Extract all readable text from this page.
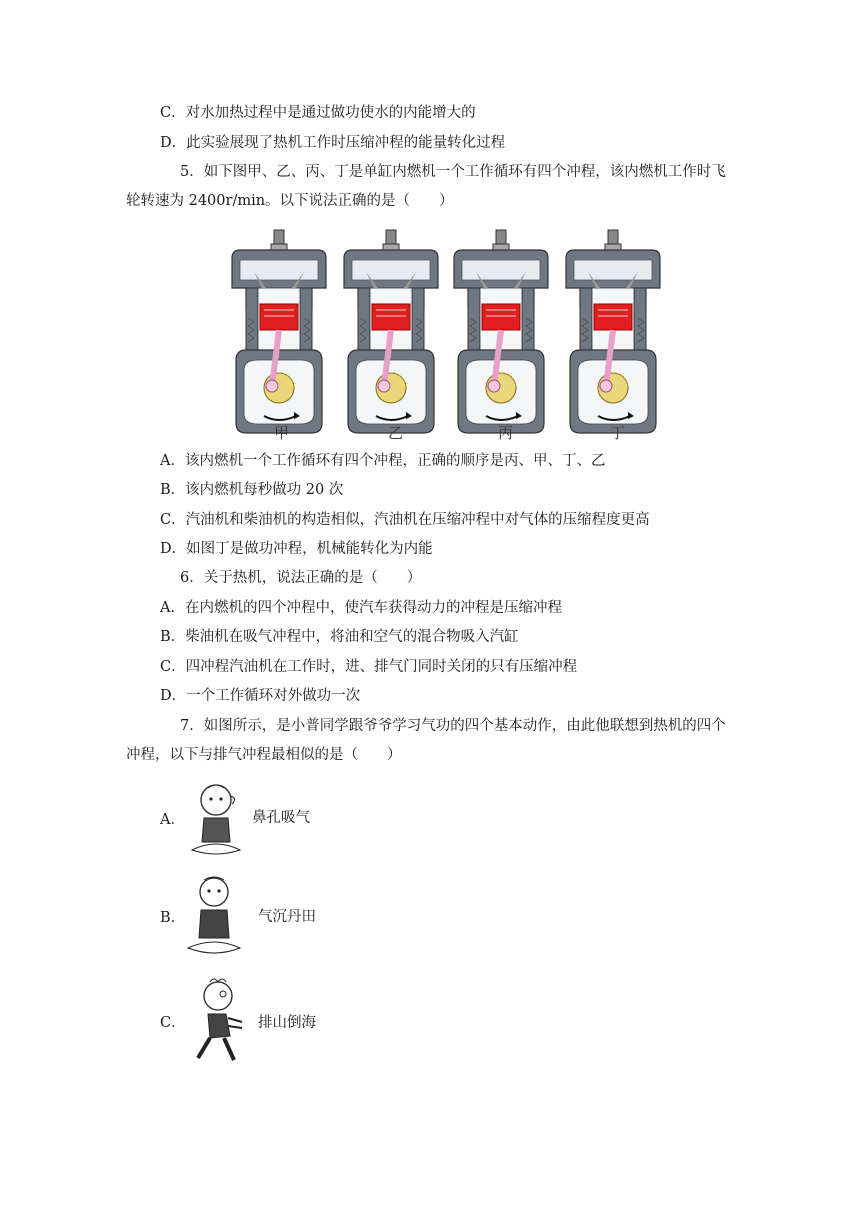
C．对水加热过程中是通过做功使水的内能增大的
D．此实验展现了热机工作时压缩冲程的能量转化过程
5．如下图甲、乙、丙、丁是单缸内燃机一个工作循环有四个冲程，该内燃机工作时飞
轮转速为 2400r/min。以下说法正确的是（　　）
甲	乙	丙	丁
A．该内燃机一个工作循环有四个冲程，正确的顺序是丙、甲、丁、乙
B．该内燃机每秒做功 20 次
C．汽油机和柴油机的构造相似，汽油机在压缩冲程中对气体的压缩程度更高
D．如图丁是做功冲程，机械能转化为内能
6．关于热机，说法正确的是（　　）
A．在内燃机的四个冲程中，使汽车获得动力的冲程是压缩冲程
B．柴油机在吸气冲程中，将油和空气的混合物吸入汽缸
C．四冲程汽油机在工作时，进、排气门同时关闭的只有压缩冲程
D．一个工作循环对外做功一次
7．如图所示，是小普同学跟爷爷学习气功的四个基本动作，由此他联想到热机的四个
冲程，以下与排气冲程最相似的是（　　）
A．	鼻孔吸气
B．	气沉丹田
C．	排山倒海
